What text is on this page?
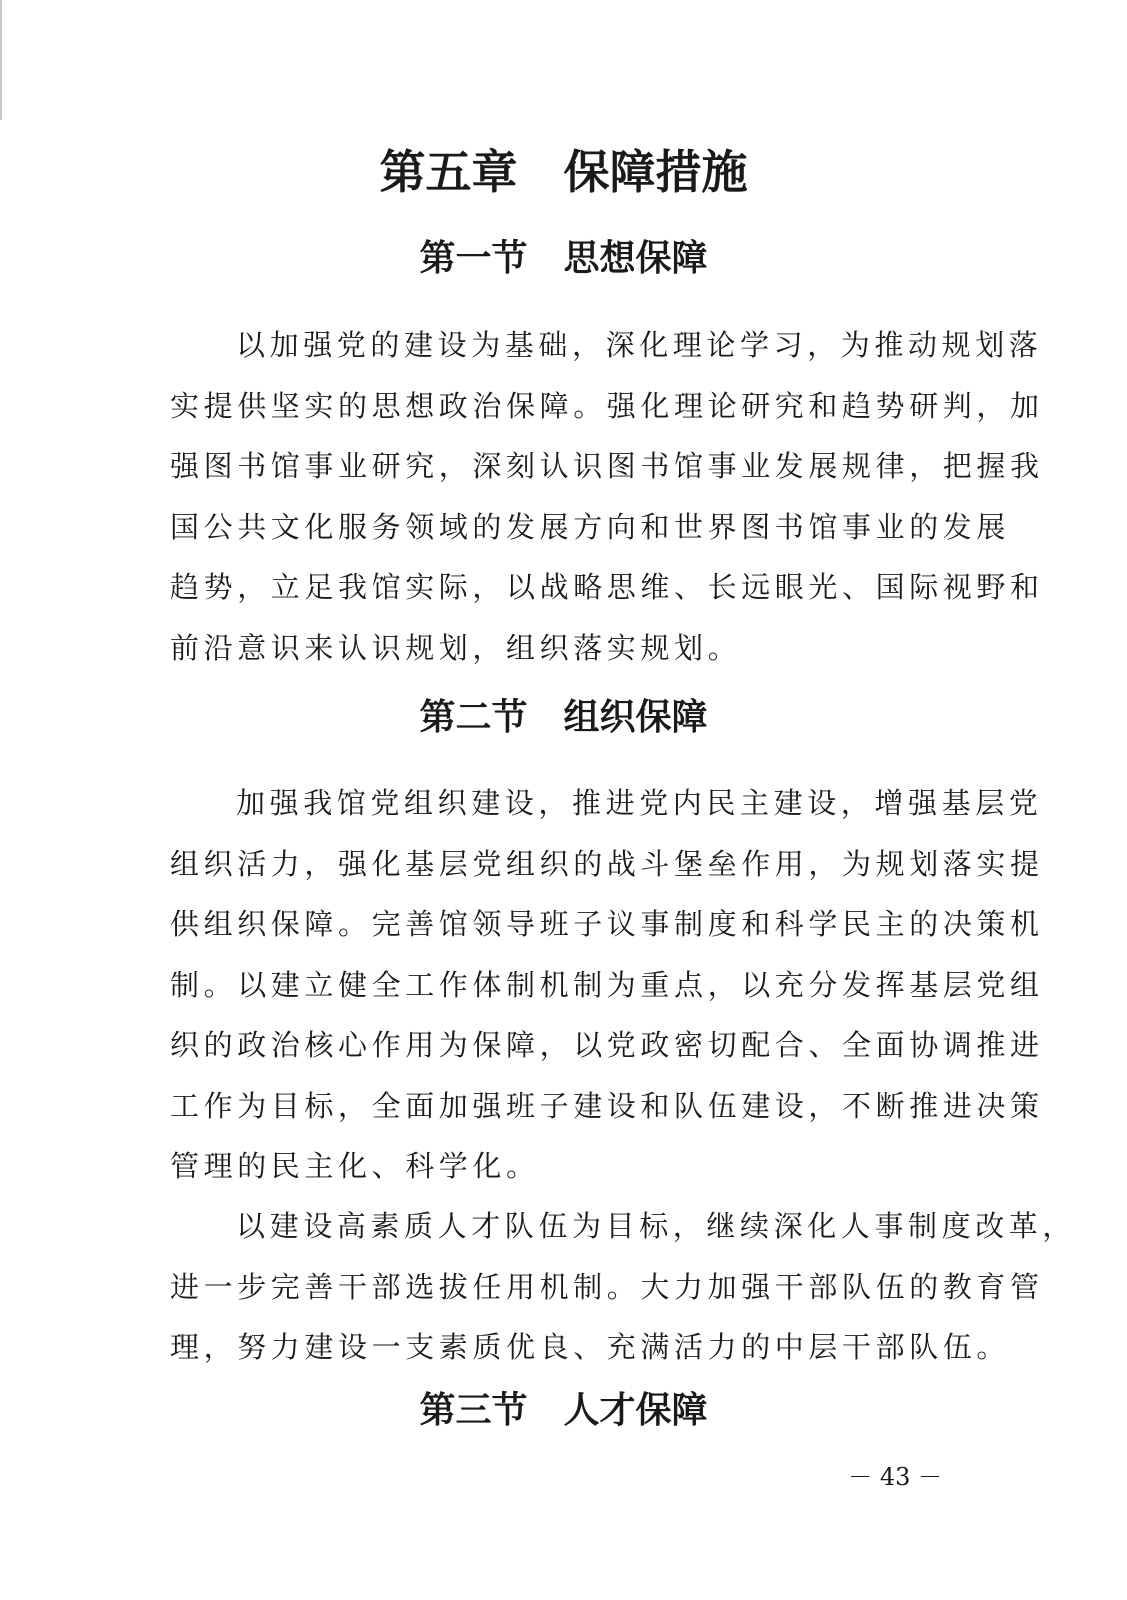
第五章　保障措施
第一节　思想保障
以加强党的建设为基础，深化理论学习，为推动规划落
实提供坚实的思想政治保障。强化理论研究和趋势研判，加
强图书馆事业研究，深刻认识图书馆事业发展规律，把握我
国公共文化服务领域的发展方向和世界图书馆事业的发展
趋势，立足我馆实际，以战略思维、长远眼光、国际视野和
前沿意识来认识规划，组织落实规划。
第二节　组织保障
加强我馆党组织建设，推进党内民主建设，增强基层党
组织活力，强化基层党组织的战斗堡垒作用，为规划落实提
供组织保障。完善馆领导班子议事制度和科学民主的决策机
制。以建立健全工作体制机制为重点，以充分发挥基层党组
织的政治核心作用为保障，以党政密切配合、全面协调推进
工作为目标，全面加强班子建设和队伍建设，不断推进决策
管理的民主化、科学化。
以建设高素质人才队伍为目标，继续深化人事制度改革，
进一步完善干部选拔任用机制。大力加强干部队伍的教育管
理，努力建设一支素质优良、充满活力的中层干部队伍。
第三节　人才保障
－ 43 －
